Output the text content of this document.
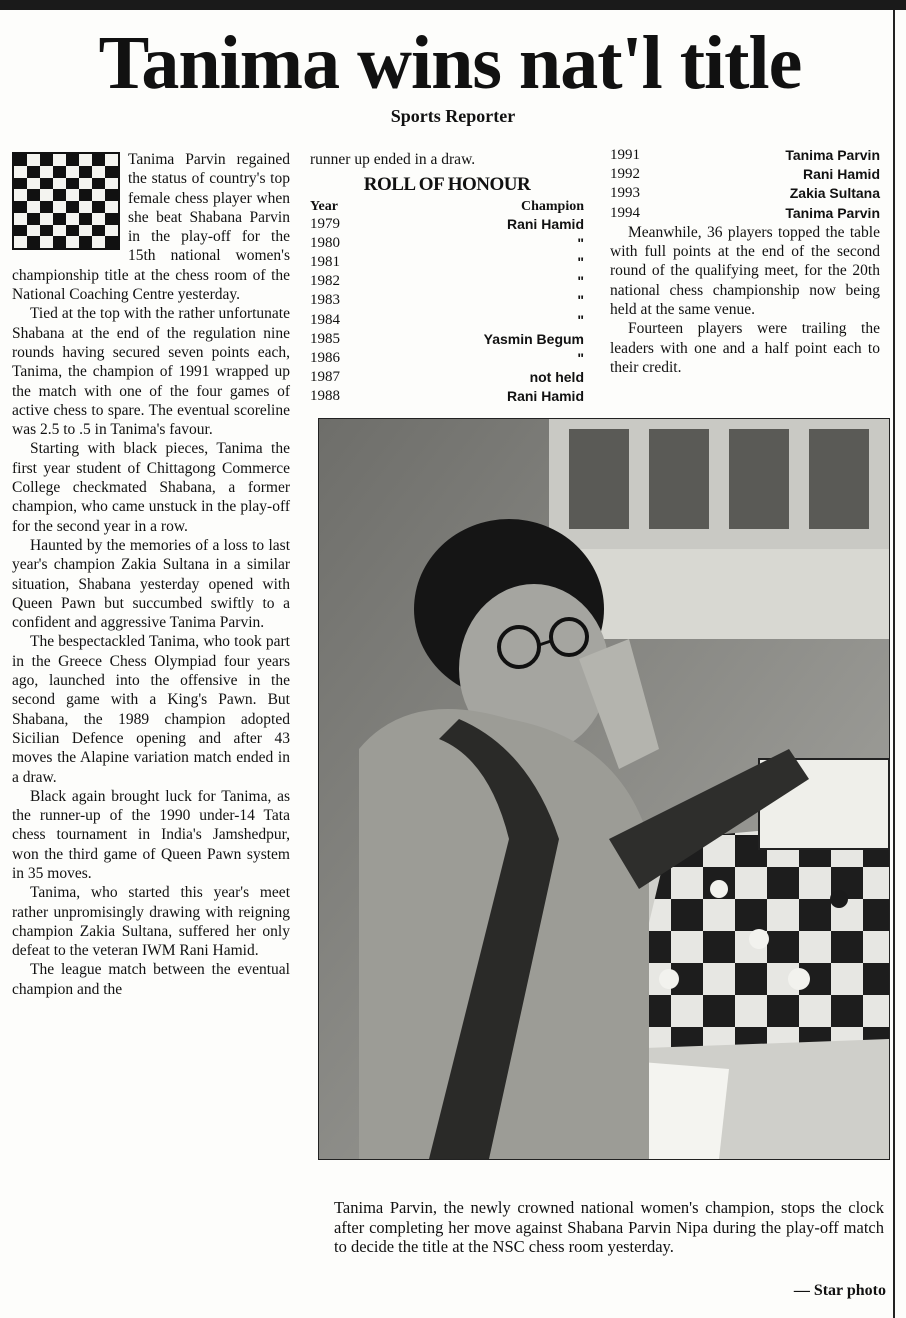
Tanima wins nat'l title
Sports Reporter

Tanima Parvin regained the status of country's top female chess player when she beat Shabana Parvin in the play-off for the 15th national women's championship title at the chess room of the National Coaching Centre yesterday.

Tied at the top with the rather unfortunate Shabana at the end of the regulation nine rounds having secured seven points each, Tanima, the champion of 1991 wrapped up the match with one of the four games of active chess to spare. The eventual scoreline was 2.5 to .5 in Tanima's favour.

Starting with black pieces, Tanima the first year student of Chittagong Commerce College checkmated Shabana, a former champion, who came unstuck in the play-off for the second year in a row.

Haunted by the memories of a loss to last year's champion Zakia Sultana in a similar situation, Shabana yesterday opened with Queen Pawn but succumbed swiftly to a confident and aggressive Tanima Parvin.

The bespectackled Tanima, who took part in the Greece Chess Olympiad four years ago, launched into the offensive in the second game with a King's Pawn. But Shabana, the 1989 champion adopted Sicilian Defence opening and after 43 moves the Alapine variation match ended in a draw.

Black again brought luck for Tanima, as the runner-up of the 1990 under-14 Tata chess tournament in India's Jamshedpur, won the third game of Queen Pawn system in 35 moves.

Tanima, who started this year's meet rather unpromisingly drawing with reigning champion Zakia Sultana, suffered her only defeat to the veteran IWM Rani Hamid.

The league match between the eventual champion and the

runner up ended in a draw.
ROLL OF HONOUR
Year	Champion
1979	Rani Hamid
1980	"
1981	"
1982	"
1983	"
1984	"
1985	Yasmin Begum
1986	"
1987	not held
1988	Rani Hamid
1991	Tanima Parvin
1992	Rani Hamid
1993	Zakia Sultana
1994	Tanima Parvin

Meanwhile, 36 players topped the table with full points at the end of the second round of the qualifying meet, for the 20th national chess championship now being held at the same venue.

Fourteen players were trailing the leaders with one and a half point each to their credit.

Tanima Parvin, the newly crowned national women's champion, stops the clock after completing her move against Shabana Parvin Nipa during the play-off match to decide the title at the NSC chess room yesterday.
— Star photo
